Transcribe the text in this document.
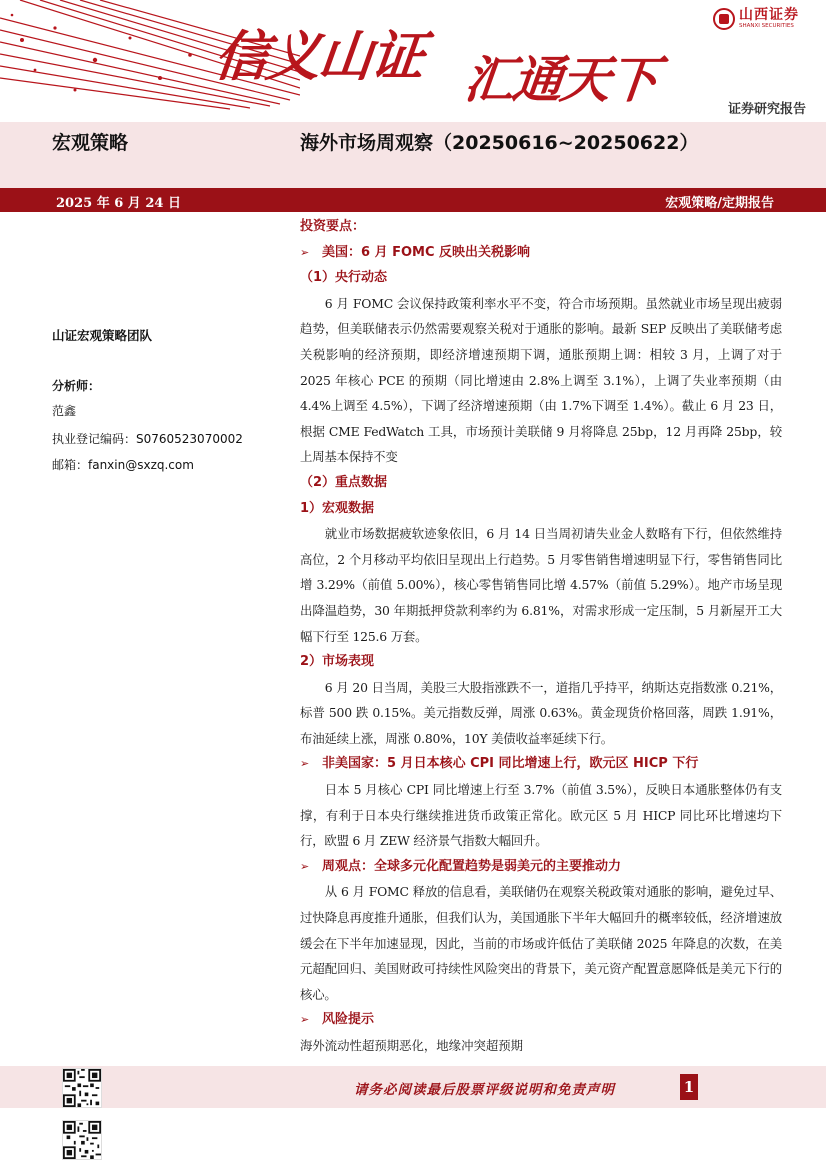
信义山证 汇通天下
山西证券
SHANXI SECURITIES
证券研究报告
宏观策略	海外市场周观察（20250616~20250622）
2025 年 6 月 24 日	宏观策略/定期报告
山证宏观策略团队
分析师：
范鑫
执业登记编码：S0760523070002
邮箱：fanxin@sxzq.com
投资要点：
➢ 美国：6 月 FOMC 反映出关税影响
（1）央行动态

6 月 FOMC 会议保持政策利率水平不变，符合市场预期。虽然就业市场呈现出疲弱趋势，但美联储表示仍然需要观察关税对于通胀的影响。最新 SEP 反映出了美联储考虑关税影响的经济预期，即经济增速预期下调，通胀预期上调：相较 3 月，上调了对于 2025 年核心 PCE 的预期（同比增速由 2.8%上调至 3.1%），上调了失业率预期（由 4.4%上调至 4.5%），下调了经济增速预期（由 1.7%下调至 1.4%）。截止 6 月 23 日，根据 CME FedWatch 工具，市场预计美联储 9 月将降息 25bp，12 月再降 25bp，较上周基本保持不变

（2）重点数据
1）宏观数据

就业市场数据疲软迹象依旧，6 月 14 日当周初请失业金人数略有下行，但依然维持高位，2 个月移动平均依旧呈现出上行趋势。5 月零售销售增速明显下行，零售销售同比增 3.29%（前值 5.00%），核心零售销售同比增 4.57%（前值 5.29%）。地产市场呈现出降温趋势，30 年期抵押贷款利率约为 6.81%，对需求形成一定压制，5 月新屋开工大幅下行至 125.6 万套。

2）市场表现

6 月 20 日当周，美股三大股指涨跌不一，道指几乎持平，纳斯达克指数涨 0.21%，标普 500 跌 0.15%。美元指数反弹，周涨 0.63%。黄金现货价格回落，周跌 1.91%，布油延续上涨，周涨 0.80%，10Y 美债收益率延续下行。

➢ 非美国家：5 月日本核心 CPI 同比增速上行，欧元区 HICP 下行

日本 5 月核心 CPI 同比增速上行至 3.7%（前值 3.5%），反映日本通胀整体仍有支撑，有利于日本央行继续推进货币政策正常化。欧元区 5 月 HICP 同比环比增速均下行，欧盟 6 月 ZEW 经济景气指数大幅回升。

➢ 周观点：全球多元化配置趋势是弱美元的主要推动力

从 6 月 FOMC 释放的信息看，美联储仍在观察关税政策对通胀的影响，避免过早、过快降息再度推升通胀，但我们认为，美国通胀下半年大幅回升的概率较低，经济增速放缓会在下半年加速显现，因此，当前的市场或许低估了美联储 2025 年降息的次数，在美元超配回归、美国财政可持续性风险突出的背景下，美元资产配置意愿降低是美元下行的核心。

➢ 风险提示
海外流动性超预期恶化，地缘冲突超预期
请务必阅读最后股票评级说明和免责声明	1
